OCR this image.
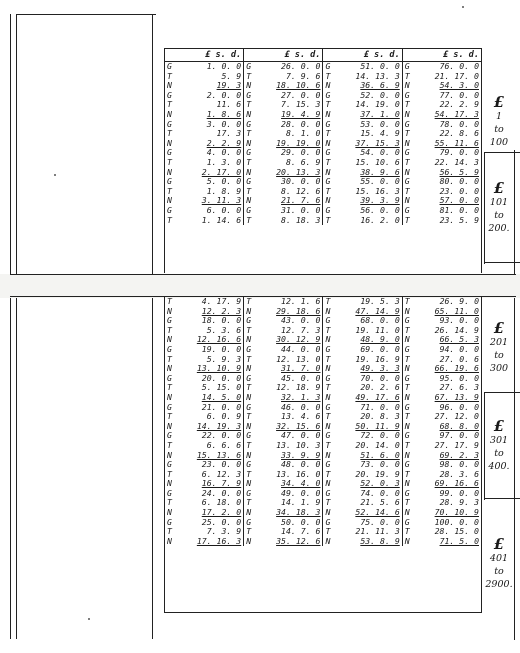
	£ s. d.		£ s. d.		£ s. d.		£ s. d.
G	1. 0. 0	G	26. 0. 0	G	51. 0. 0	G	76. 0. 0
T	5. 9	T	7. 9. 6	T	14. 13. 3	T	21. 17. 0
N	19. 3	N	18. 10. 6	N	36. 6. 9	N	54. 3. 0
G	2. 0. 0	G	27. 0. 0	G	52. 0. 0	G	77. 0. 0
T	11. 6	T	7. 15. 3	T	14. 19. 0	T	22. 2. 9
N	1. 8. 6	N	19. 4. 9	N	37. 1. 0	N	54. 17. 3
G	3. 0. 0	G	28. 0. 0	G	53. 0. 0	G	78. 0. 0
T	17. 3	T	8. 1. 0	T	15. 4. 9	T	22. 8. 6
N	2. 2. 9	N	19. 19. 0	N	37. 15. 3	N	55. 11. 6
G	4. 0. 0	G	29. 0. 0	G	54. 0. 0	G	79. 0. 0
T	1. 3. 0	T	8. 6. 9	T	15. 10. 6	T	22. 14. 3
N	2. 17. 0	N	20. 13. 3	N	38. 9. 6	N	56. 5. 9
G	5. 0. 0	G	30. 0. 0	G	55. 0. 0	G	80. 0. 0
T	1. 8. 9	T	8. 12. 6	T	15. 16. 3	T	23. 0. 0
N	3. 11. 3	N	21. 7. 6	N	39. 3. 9	N	57. 0. 0
G	6. 0. 0	G	31. 0. 0	G	56. 0. 0	G	81. 0. 0
T	1. 14. 6	T	8. 18. 3	T	16. 2. 0	T	23. 5. 9
T	4. 17. 9	T	12. 1. 6	T	19. 5. 3	T	26. 9. 0
N	12. 2. 3	N	29. 18. 6	N	47. 14. 9	N	65. 11. 0
G	18. 0. 0	G	43. 0. 0	G	68. 0. 0	G	93. 0. 0
T	5. 3. 6	T	12. 7. 3	T	19. 11. 0	T	26. 14. 9
N	12. 16. 6	N	30. 12. 9	N	48. 9. 0	N	66. 5. 3
G	19. 0. 0	G	44. 0. 0	G	69. 0. 0	G	94. 0. 0
T	5. 9. 3	T	12. 13. 0	T	19. 16. 9	T	27. 0. 6
N	13. 10. 9	N	31. 7. 0	N	49. 3. 3	N	66. 19. 6
G	20. 0. 0	G	45. 0. 0	G	70. 0. 0	G	95. 0. 0
T	5. 15. 0	T	12. 18. 9	T	20. 2. 6	T	27. 6. 3
N	14. 5. 0	N	32. 1. 3	N	49. 17. 6	N	67. 13. 9
G	21. 0. 0	G	46. 0. 0	G	71. 0. 0	G	96. 0. 0
T	6. 0. 9	T	13. 4. 6	T	20. 8. 3	T	27. 12. 0
N	14. 19. 3	N	32. 15. 6	N	50. 11. 9	N	68. 8. 0
G	22. 0. 0	G	47. 0. 0	G	72. 0. 0	G	97. 0. 0
T	6. 6. 6	T	13. 10. 3	T	20. 14. 0	T	27. 17. 9
N	15. 13. 6	N	33. 9. 9	N	51. 6. 0	N	69. 2. 3
G	23. 0. 0	G	48. 0. 0	G	73. 0. 0	G	98. 0. 0
T	6. 12. 3	T	13. 16. 0	T	20. 19. 9	T	28. 3. 6
N	16. 7. 9	N	34. 4. 0	N	52. 0. 3	N	69. 16. 6
G	24. 0. 0	G	49. 0. 0	G	74. 0. 0	G	99. 0. 0
T	6. 18. 0	T	14. 1. 9	T	21. 5. 6	T	28. 9. 3
N	17. 2. 0	N	34. 18. 3	N	52. 14. 6	N	70. 10. 9
G	25. 0. 0	G	50. 0. 0	G	75. 0. 0	G	100. 0. 0
T	7. 3. 9	T	14. 7. 6	T	21. 11. 3	T	28. 15. 0
N	17. 16. 3	N	35. 12. 6	N	53. 8. 9	N	71. 5. 0
£
1
to
100
£
101
to
200.
£
201
to
300
£
301
to
400.
£
401
to
2900.
